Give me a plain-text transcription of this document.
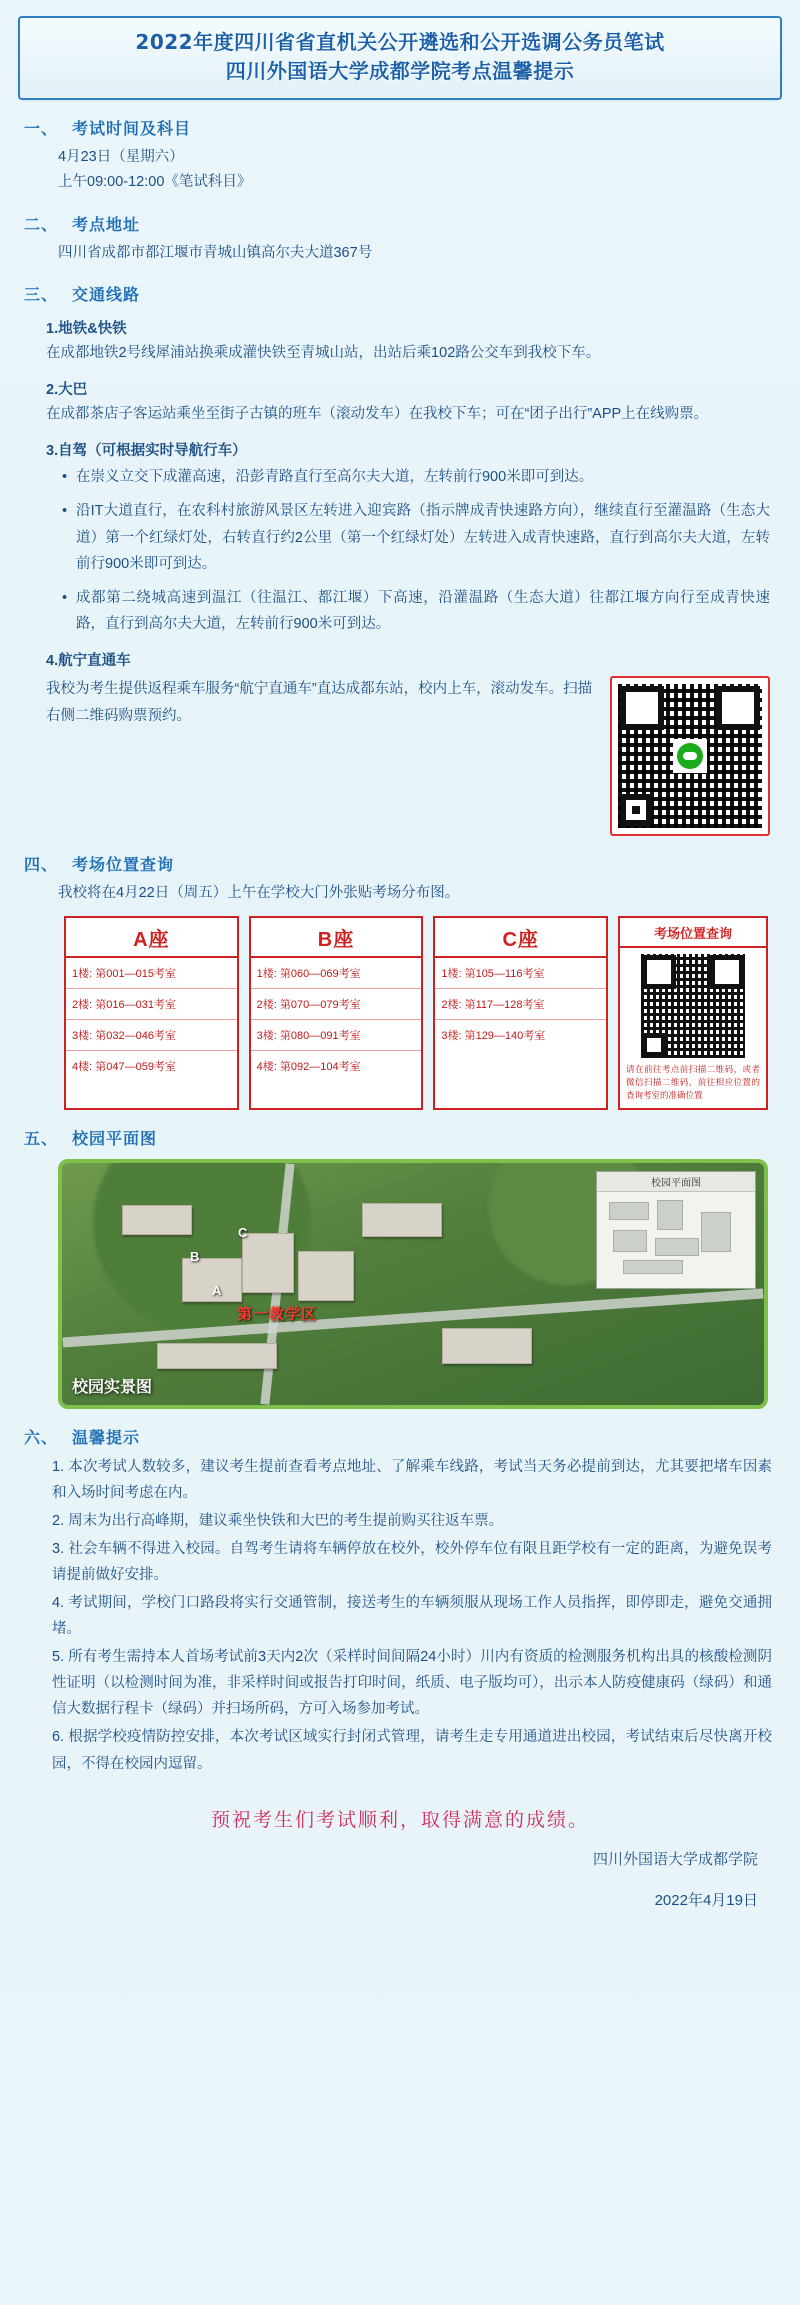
2022年度四川省省直机关公开遴选和公开选调公务员笔试
四川外国语大学成都学院考点温馨提示
一、 考试时间及科目
4月23日（星期六）
上午09:00-12:00《笔试科目》
二、 考点地址
四川省成都市都江堰市青城山镇高尔夫大道367号
三、 交通线路
1.地铁&快铁
在成都地铁2号线犀浦站换乘成灌快铁至青城山站，出站后乘102路公交车到我校下车。
2.大巴
在成都茶店子客运站乘坐至街子古镇的班车（滚动发车）在我校下车；可在“团子出行”APP上在线购票。
3.自驾（可根据实时导航行车）
• 在崇义立交下成灌高速，沿彭青路直行至高尔夫大道，左转前行900米即可到达。
• 沿IT大道直行，在农科村旅游风景区左转进入迎宾路（指示牌成青快速路方向），继续直行至灌温路（生态大道）第一个红绿灯处，右转直行约2公里（第一个红绿灯处）左转进入成青快速路，直行到高尔夫大道，左转前行900米即可到达。
• 成都第二绕城高速到温江（往温江、都江堰）下高速，沿灌温路（生态大道）往都江堰方向行至成青快速路，直行到高尔夫大道，左转前行900米可到达。
4.航宁直通车
我校为考生提供返程乘车服务“航宁直通车”直达成都东站，校内上车，滚动发车。扫描右侧二维码购票预约。
四、 考场位置查询
我校将在4月22日（周五）上午在学校大门外张贴考场分布图。
A座
1楼: 第001—015考室
2楼: 第016—031考室
3楼: 第032—046考室
4楼: 第047—059考室
B座
1楼: 第060—069考室
2楼: 第070—079考室
3楼: 第080—091考室
4楼: 第092—104考室
C座
1楼: 第105—116考室
2楼: 第117—128考室
3楼: 第129—140考室
考场位置查询
请在前往考点前扫描二维码，或者微信扫描二维码，前往相应位置的查询考室的准确位置
五、 校园平面图
B
C
A
第一教学区
校园平面图
校园实景图
六、 温馨提示

1. 本次考试人数较多，建议考生提前查看考点地址、了解乘车线路，考试当天务必提前到达，尤其要把堵车因素和入场时间考虑在内。

2. 周末为出行高峰期，建议乘坐快铁和大巴的考生提前购买往返车票。

3. 社会车辆不得进入校园。自驾考生请将车辆停放在校外，校外停车位有限且距学校有一定的距离，为避免误考请提前做好安排。

4. 考试期间，学校门口路段将实行交通管制，接送考生的车辆须服从现场工作人员指挥，即停即走，避免交通拥堵。

5. 所有考生需持本人首场考试前3天内2次（采样时间间隔24小时）川内有资质的检测服务机构出具的核酸检测阴性证明（以检测时间为准，非采样时间或报告打印时间，纸质、电子版均可），出示本人防疫健康码（绿码）和通信大数据行程卡（绿码）并扫场所码，方可入场参加考试。

6. 根据学校疫情防控安排，本次考试区域实行封闭式管理，请考生走专用通道进出校园，考试结束后尽快离开校园，不得在校园内逗留。

预祝考生们考试顺利，取得满意的成绩。
四川外国语大学成都学院
2022年4月19日
